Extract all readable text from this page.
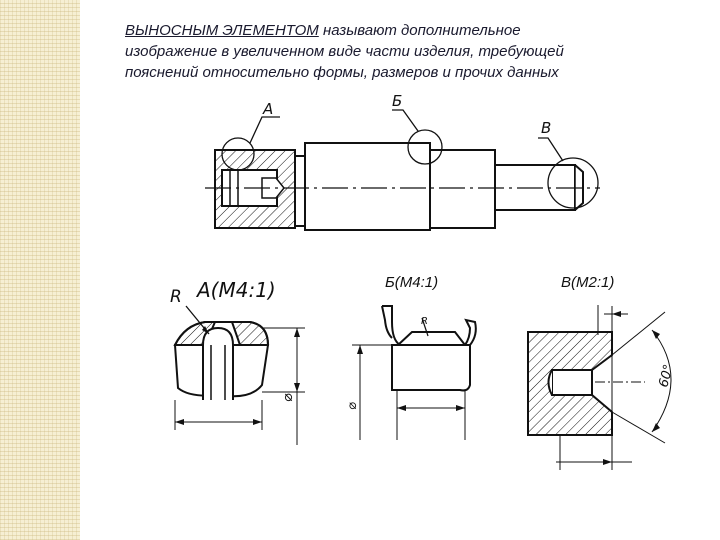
ВЫНОСНЫМ ЭЛЕМЕНТОМ называют дополнительное
изображение в увеличенном виде части изделия, требующей
пояснений относительно формы, размеров и прочих данных
А	Б
В
R А(М4:1)
⌀
Б(М4:1)
R
⌀
В(М2:1)
60°
